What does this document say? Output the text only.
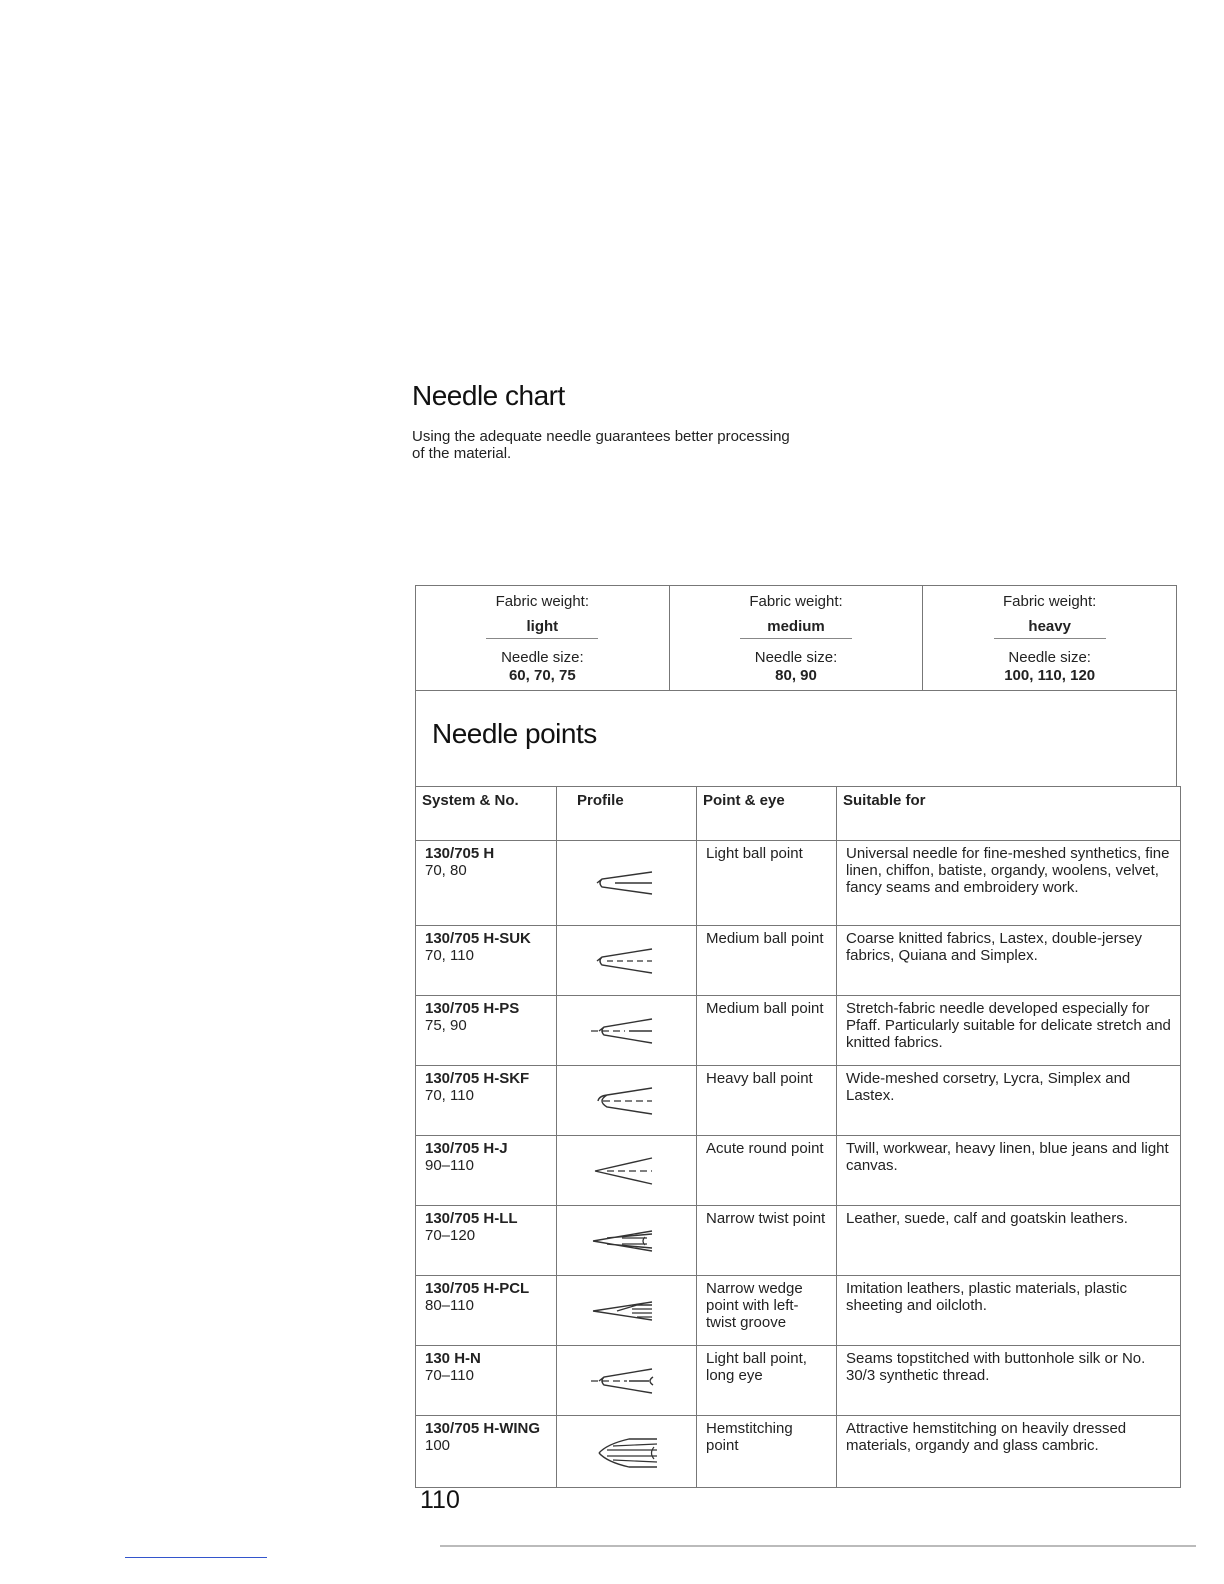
Needle chart

Using the adequate needle guarantees better processing of the material.

Fabric weight:
light
Needle size:
60, 70, 75
Fabric weight:
medium
Needle size:
80, 90
Fabric weight:
heavy
Needle size:
100, 110, 120
Needle points
System & No.	Profile	Point & eye	Suitable for

130/705 H
70, 80		Light ball point	Universal needle for fine-meshed synthetics, fine linen, chiffon, batiste, organdy, woolens, velvet, fancy seams and embroidery work.

130/705 H-SUK
70, 110		Medium ball point	Coarse knitted fabrics, Lastex, double-jersey fabrics, Quiana and Simplex.

130/705 H-PS
75, 90		Medium ball point	Stretch-fabric needle developed especially for Pfaff. Particularly suitable for delicate stretch and knitted fabrics.

130/705 H-SKF
70, 110		Heavy ball point	Wide-meshed corsetry, Lycra, Simplex and Lastex.

130/705 H-J
90–110		Acute round point	Twill, workwear, heavy linen, blue jeans and light canvas.

130/705 H-LL
70–120		Narrow twist point	Leather, suede, calf and goatskin leathers.

130/705 H-PCL
80–110		Narrow wedge point with left-twist groove	Imitation leathers, plastic materials, plastic sheeting and oilcloth.

130 H-N
70–110		Light ball point, long eye	Seams topstitched with buttonhole silk or No. 30/3 synthetic thread.

130/705 H-WING
100		Hemstitching point	Attractive hemstitching on heavily dressed materials, organdy and glass cambric.
110
